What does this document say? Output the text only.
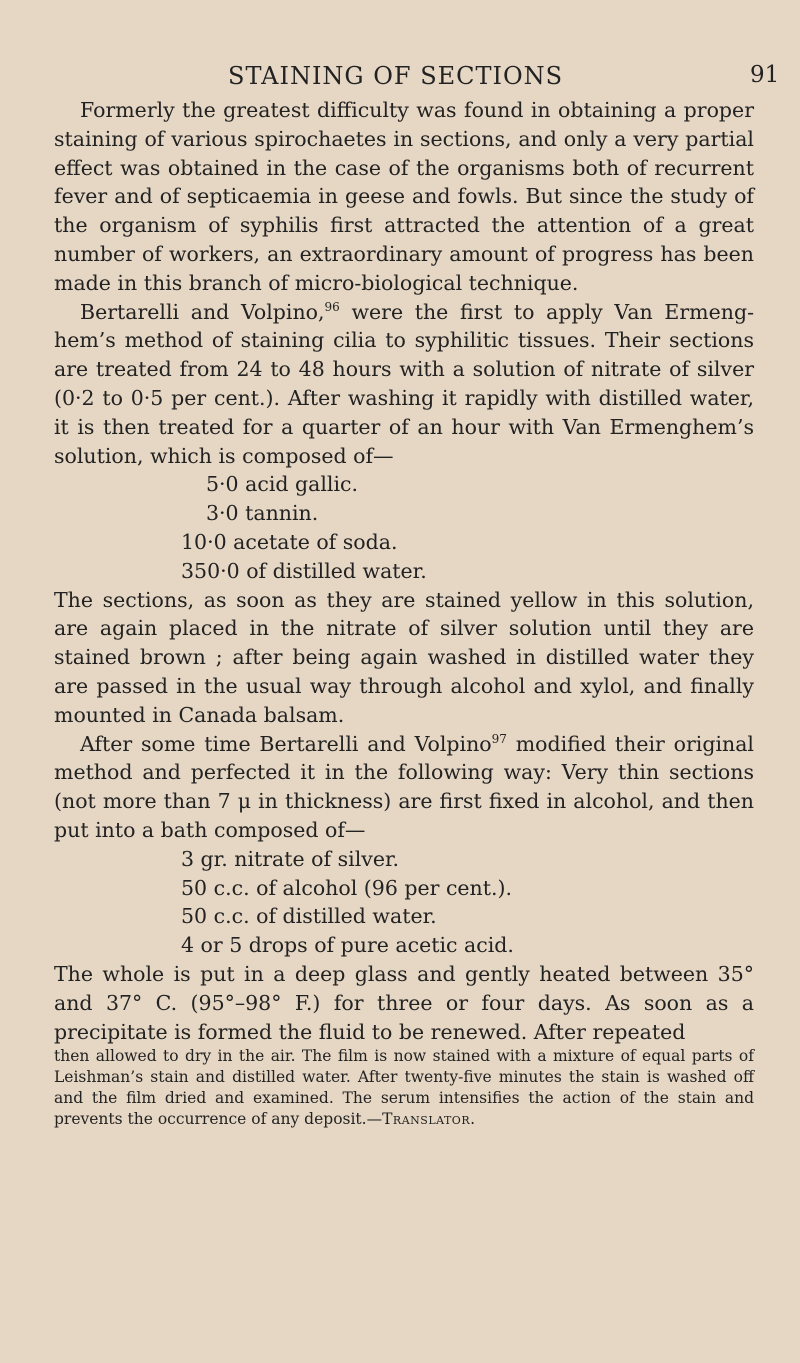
STAINING OF SECTIONS	91

Formerly the greatest difficulty was found in obtaining a proper staining of various spirochaetes in sections, and only a very partial effect was obtained in the case of the organisms both of recurrent fever and of septicaemia in geese and fowls. But since the study of the organism of syphilis first attracted the attention of a great number of workers, an extraordinary amount of progress has been made in this branch of micro-biological technique.

Bertarelli and Volpino,$^{96}$ were the first to apply Van Ermeng-hem’s method of staining cilia to syphilitic tissues. Their sections are treated from 24 to 48 hours with a solution of nitrate of silver (0·2 to 0·5 per cent.). After washing it rapidly with distilled water, it is then treated for a quarter of an hour with Van Ermenghem’s solution, which is composed of—

5·0 acid gallic.
3·0 tannin.
10·0 acetate of soda.
350·0 of distilled water.

The sections, as soon as they are stained yellow in this solution, are again placed in the nitrate of silver solution until they are stained brown ; after being again washed in distilled water they are passed in the usual way through alcohol and xylol, and finally mounted in Canada balsam.

After some time Bertarelli and Volpino$^{97}$ modified their original method and perfected it in the following way: Very thin sections (not more than 7 μ in thickness) are first fixed in alcohol, and then put into a bath composed of—

3 gr. nitrate of silver.
50 c.c. of alcohol (96 per cent.).
50 c.c. of distilled water.
4 or 5 drops of pure acetic acid.

The whole is put in a deep glass and gently heated between 35° and 37° C. (95°–98° F.) for three or four days. As soon as a precipitate is formed the fluid to be renewed. After repeated

then allowed to dry in the air. The film is now stained with a mixture of equal parts of Leishman’s stain and distilled water. After twenty-five minutes the stain is washed off and the film dried and examined. The serum intensifies the action of the stain and prevents the occurrence of any deposit.—Translator.
